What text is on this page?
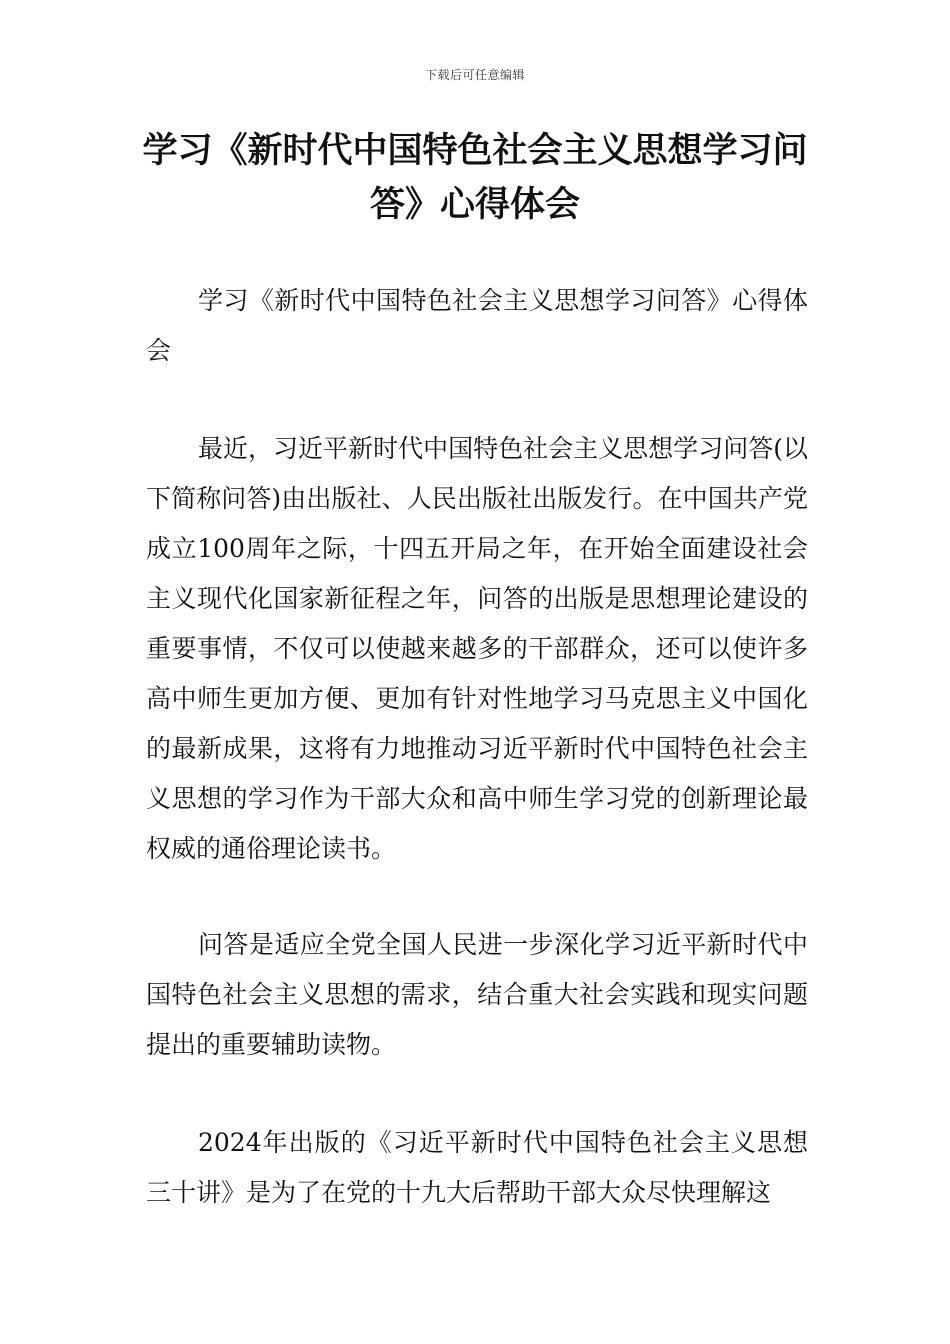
下载后可任意编辑
学习《新时代中国特色社会主义思想学习问答》心得体会

学习《新时代中国特色社会主义思想学习问答》心得体会

最近，习近平新时代中国特色社会主义思想学习问答(以下简称问答)由出版社、人民出版社出版发行。在中国共产党成立100周年之际，十四五开局之年，在开始全面建设社会主义现代化国家新征程之年，问答的出版是思想理论建设的重要事情，不仅可以使越来越多的干部群众，还可以使许多高中师生更加方便、更加有针对性地学习马克思主义中国化的最新成果，这将有力地推动习近平新时代中国特色社会主义思想的学习作为干部大众和高中师生学习党的创新理论最权威的通俗理论读书。

问答是适应全党全国人民进一步深化学习近平新时代中国特色社会主义思想的需求，结合重大社会实践和现实问题提出的重要辅助读物。

2024年出版的《习近平新时代中国特色社会主义思想三十讲》是为了在党的十九大后帮助干部大众尽快理解这
